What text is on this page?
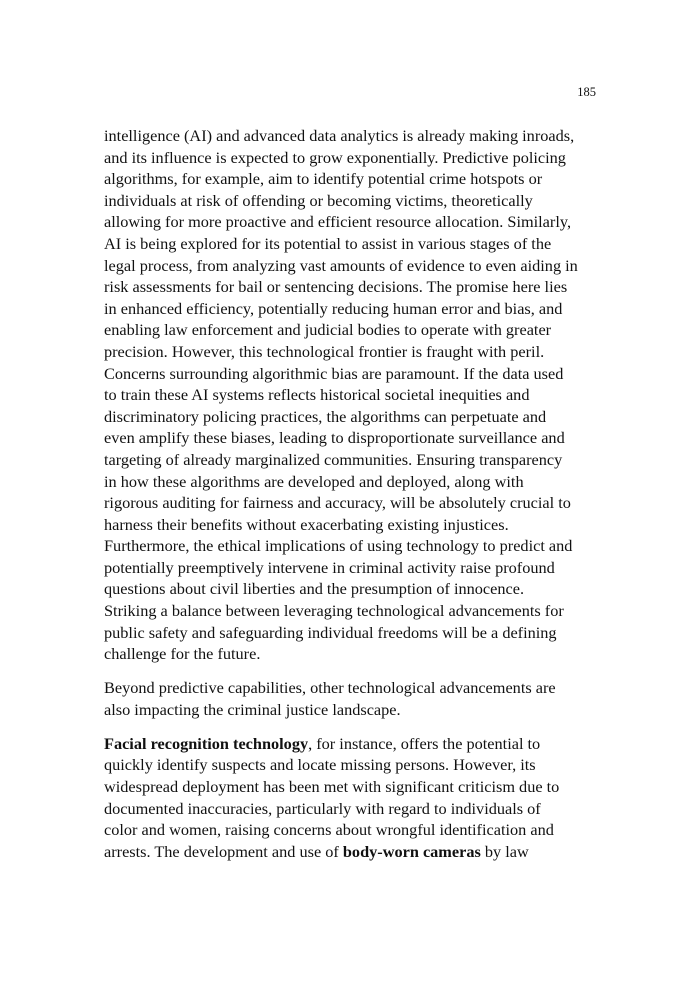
185

intelligence (AI) and advanced data analytics is already making inroads,
and its influence is expected to grow exponentially. Predictive policing
algorithms, for example, aim to identify potential crime hotspots or
individuals at risk of offending or becoming victims, theoretically
allowing for more proactive and efficient resource allocation. Similarly,
AI is being explored for its potential to assist in various stages of the
legal process, from analyzing vast amounts of evidence to even aiding in
risk assessments for bail or sentencing decisions. The promise here lies
in enhanced efficiency, potentially reducing human error and bias, and
enabling law enforcement and judicial bodies to operate with greater
precision. However, this technological frontier is fraught with peril.
Concerns surrounding algorithmic bias are paramount. If the data used
to train these AI systems reflects historical societal inequities and
discriminatory policing practices, the algorithms can perpetuate and
even amplify these biases, leading to disproportionate surveillance and
targeting of already marginalized communities. Ensuring transparency
in how these algorithms are developed and deployed, along with
rigorous auditing for fairness and accuracy, will be absolutely crucial to
harness their benefits without exacerbating existing injustices.
Furthermore, the ethical implications of using technology to predict and
potentially preemptively intervene in criminal activity raise profound
questions about civil liberties and the presumption of innocence.
Striking a balance between leveraging technological advancements for
public safety and safeguarding individual freedoms will be a defining
challenge for the future.

Beyond predictive capabilities, other technological advancements are
also impacting the criminal justice landscape.

Facial recognition technology, for instance, offers the potential to
quickly identify suspects and locate missing persons. However, its
widespread deployment has been met with significant criticism due to
documented inaccuracies, particularly with regard to individuals of
color and women, raising concerns about wrongful identification and
arrests. The development and use of body-worn cameras by law
